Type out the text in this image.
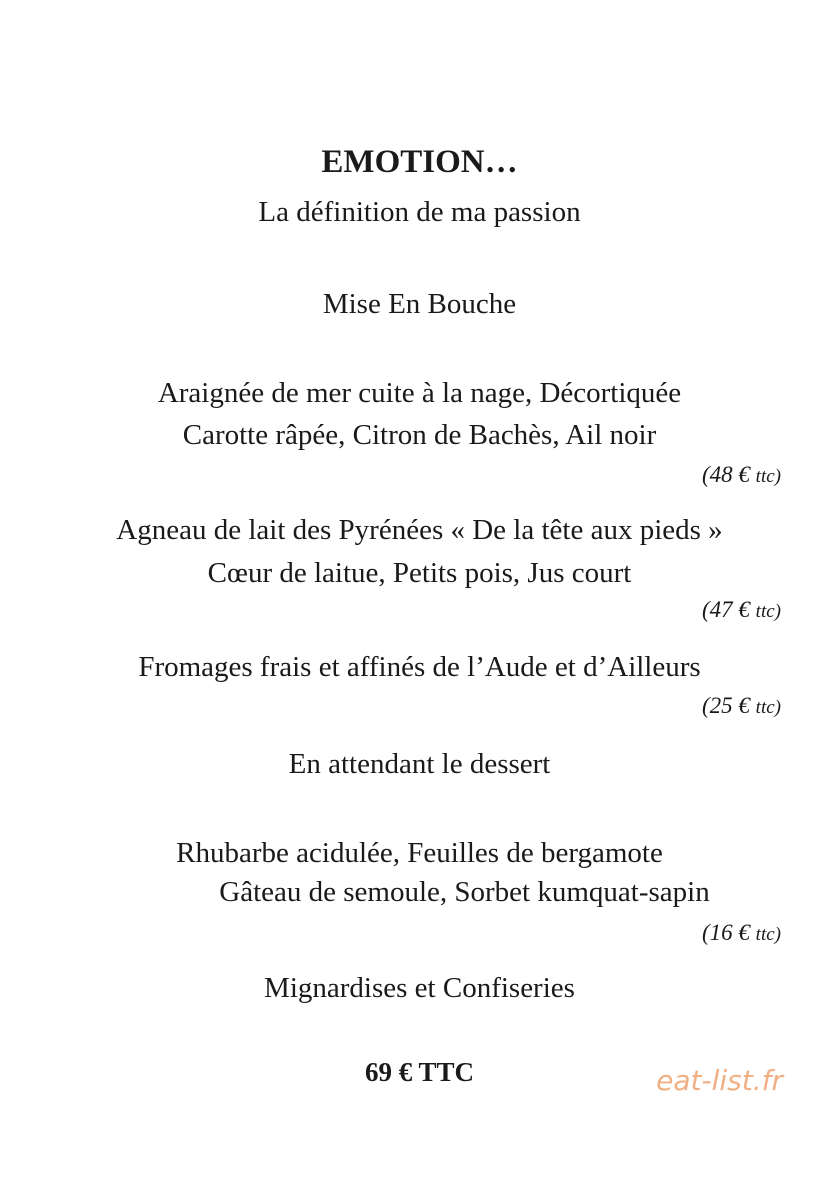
EMOTION…
La définition de ma passion
Mise En Bouche
Araignée de mer cuite à la nage, Décortiquée
Carotte râpée, Citron de Bachès, Ail noir
(48 € ttc)
Agneau de lait des Pyrénées « De la tête aux pieds »
Cœur de laitue, Petits pois, Jus court
(47 € ttc)
Fromages frais et affinés de l’Aude et d’Ailleurs
(25 € ttc)
En attendant le dessert
Rhubarbe acidulée, Feuilles de bergamote
Gâteau de semoule, Sorbet kumquat-sapin
(16 € ttc)
Mignardises et Confiseries
69 € TTC	eat-list.fr
